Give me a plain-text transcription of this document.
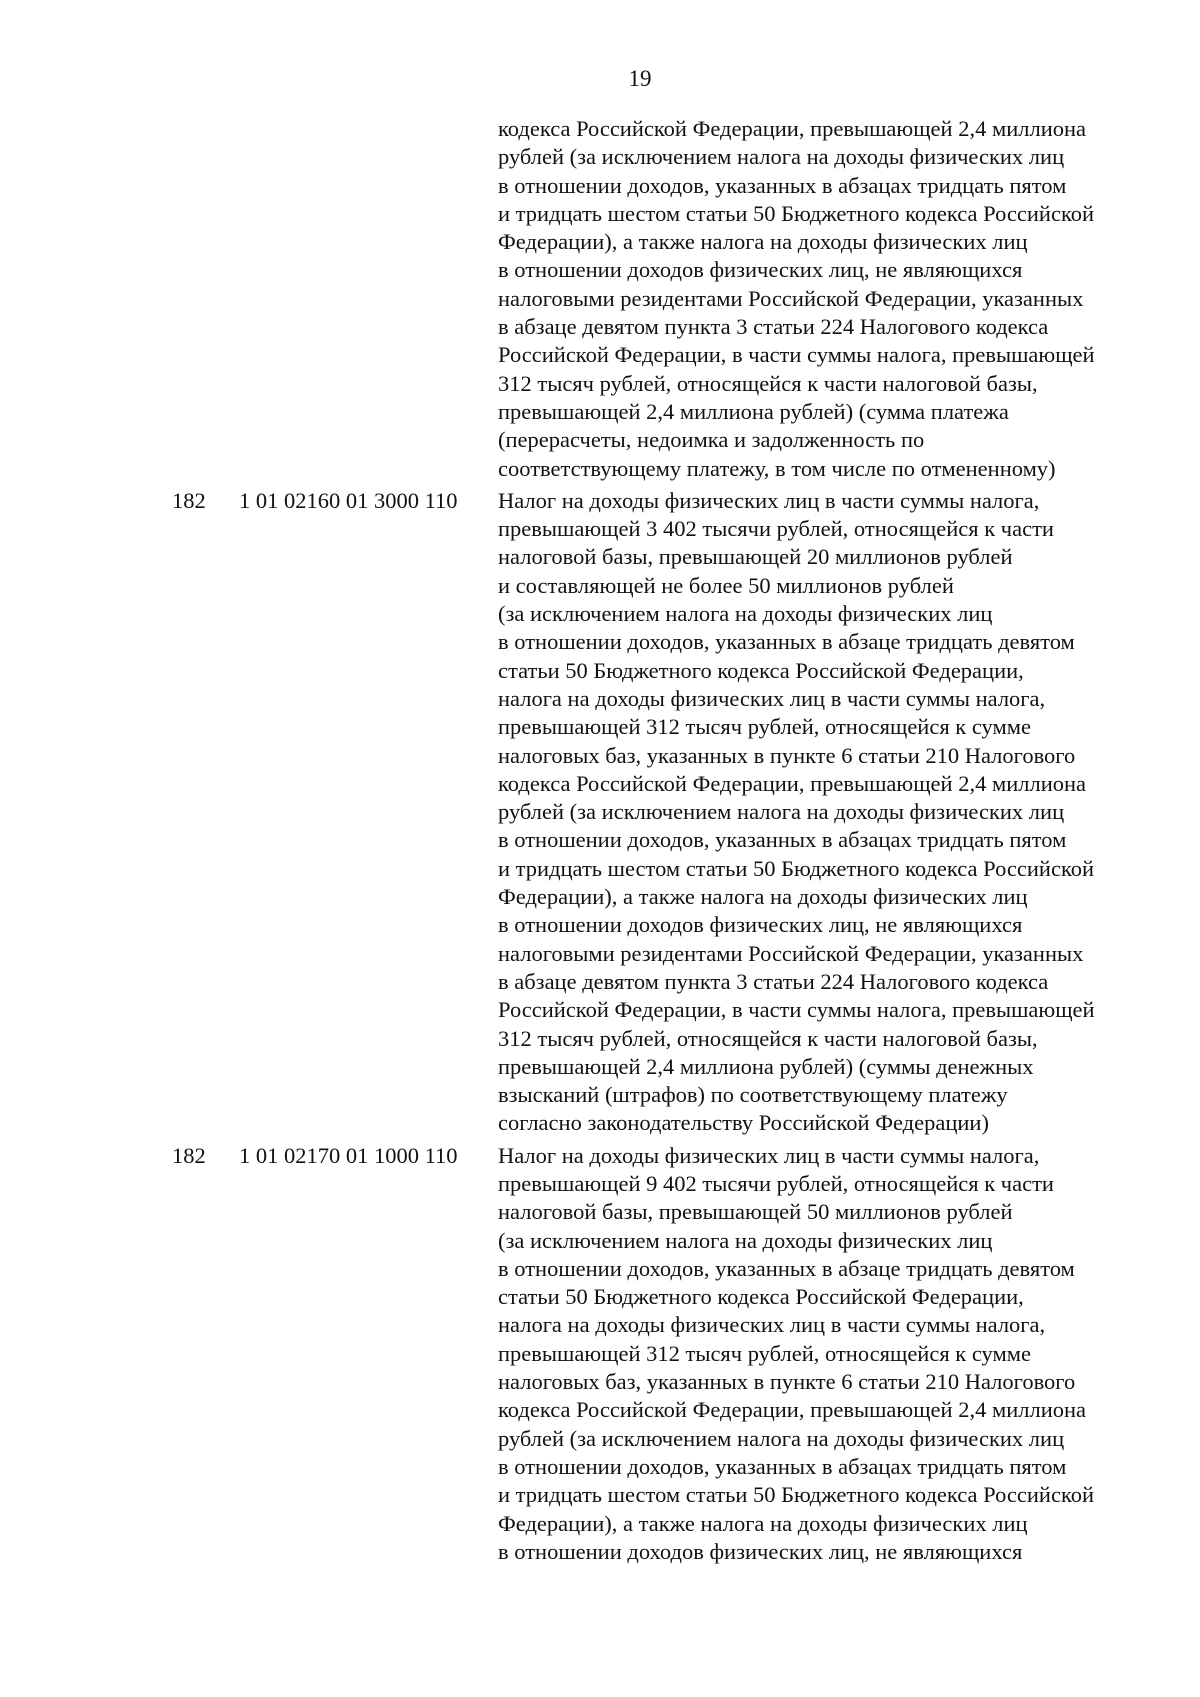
19
кодекса Российской Федерации, превышающей 2,4 миллиона
рублей (за исключением налога на доходы физических лиц
в отношении доходов, указанных в абзацах тридцать пятом
и тридцать шестом статьи 50 Бюджетного кодекса Российской
Федерации), а также налога на доходы физических лиц
в отношении доходов физических лиц, не являющихся
налоговыми резидентами Российской Федерации, указанных
в абзаце девятом пункта 3 статьи 224 Налогового кодекса
Российской Федерации, в части суммы налога, превышающей
312 тысяч рублей, относящейся к части налоговой базы,
превышающей 2,4 миллиона рублей) (сумма платежа
(перерасчеты, недоимка и задолженность по
соответствующему платежу, в том числе по отмененному)
182	1 01 02160 01 3000 110	Налог на доходы физических лиц в части суммы налога,
превышающей 3 402 тысячи рублей, относящейся к части
налоговой базы, превышающей 20 миллионов рублей
и составляющей не более 50 миллионов рублей
(за исключением налога на доходы физических лиц
в отношении доходов, указанных в абзаце тридцать девятом
статьи 50 Бюджетного кодекса Российской Федерации,
налога на доходы физических лиц в части суммы налога,
превышающей 312 тысяч рублей, относящейся к сумме
налоговых баз, указанных в пункте 6 статьи 210 Налогового
кодекса Российской Федерации, превышающей 2,4 миллиона
рублей (за исключением налога на доходы физических лиц
в отношении доходов, указанных в абзацах тридцать пятом
и тридцать шестом статьи 50 Бюджетного кодекса Российской
Федерации), а также налога на доходы физических лиц
в отношении доходов физических лиц, не являющихся
налоговыми резидентами Российской Федерации, указанных
в абзаце девятом пункта 3 статьи 224 Налогового кодекса
Российской Федерации, в части суммы налога, превышающей
312 тысяч рублей, относящейся к части налоговой базы,
превышающей 2,4 миллиона рублей) (суммы денежных
взысканий (штрафов) по соответствующему платежу
согласно законодательству Российской Федерации)
182	1 01 02170 01 1000 110	Налог на доходы физических лиц в части суммы налога,
превышающей 9 402 тысячи рублей, относящейся к части
налоговой базы, превышающей 50 миллионов рублей
(за исключением налога на доходы физических лиц
в отношении доходов, указанных в абзаце тридцать девятом
статьи 50 Бюджетного кодекса Российской Федерации,
налога на доходы физических лиц в части суммы налога,
превышающей 312 тысяч рублей, относящейся к сумме
налоговых баз, указанных в пункте 6 статьи 210 Налогового
кодекса Российской Федерации, превышающей 2,4 миллиона
рублей (за исключением налога на доходы физических лиц
в отношении доходов, указанных в абзацах тридцать пятом
и тридцать шестом статьи 50 Бюджетного кодекса Российской
Федерации), а также налога на доходы физических лиц
в отношении доходов физических лиц, не являющихся
